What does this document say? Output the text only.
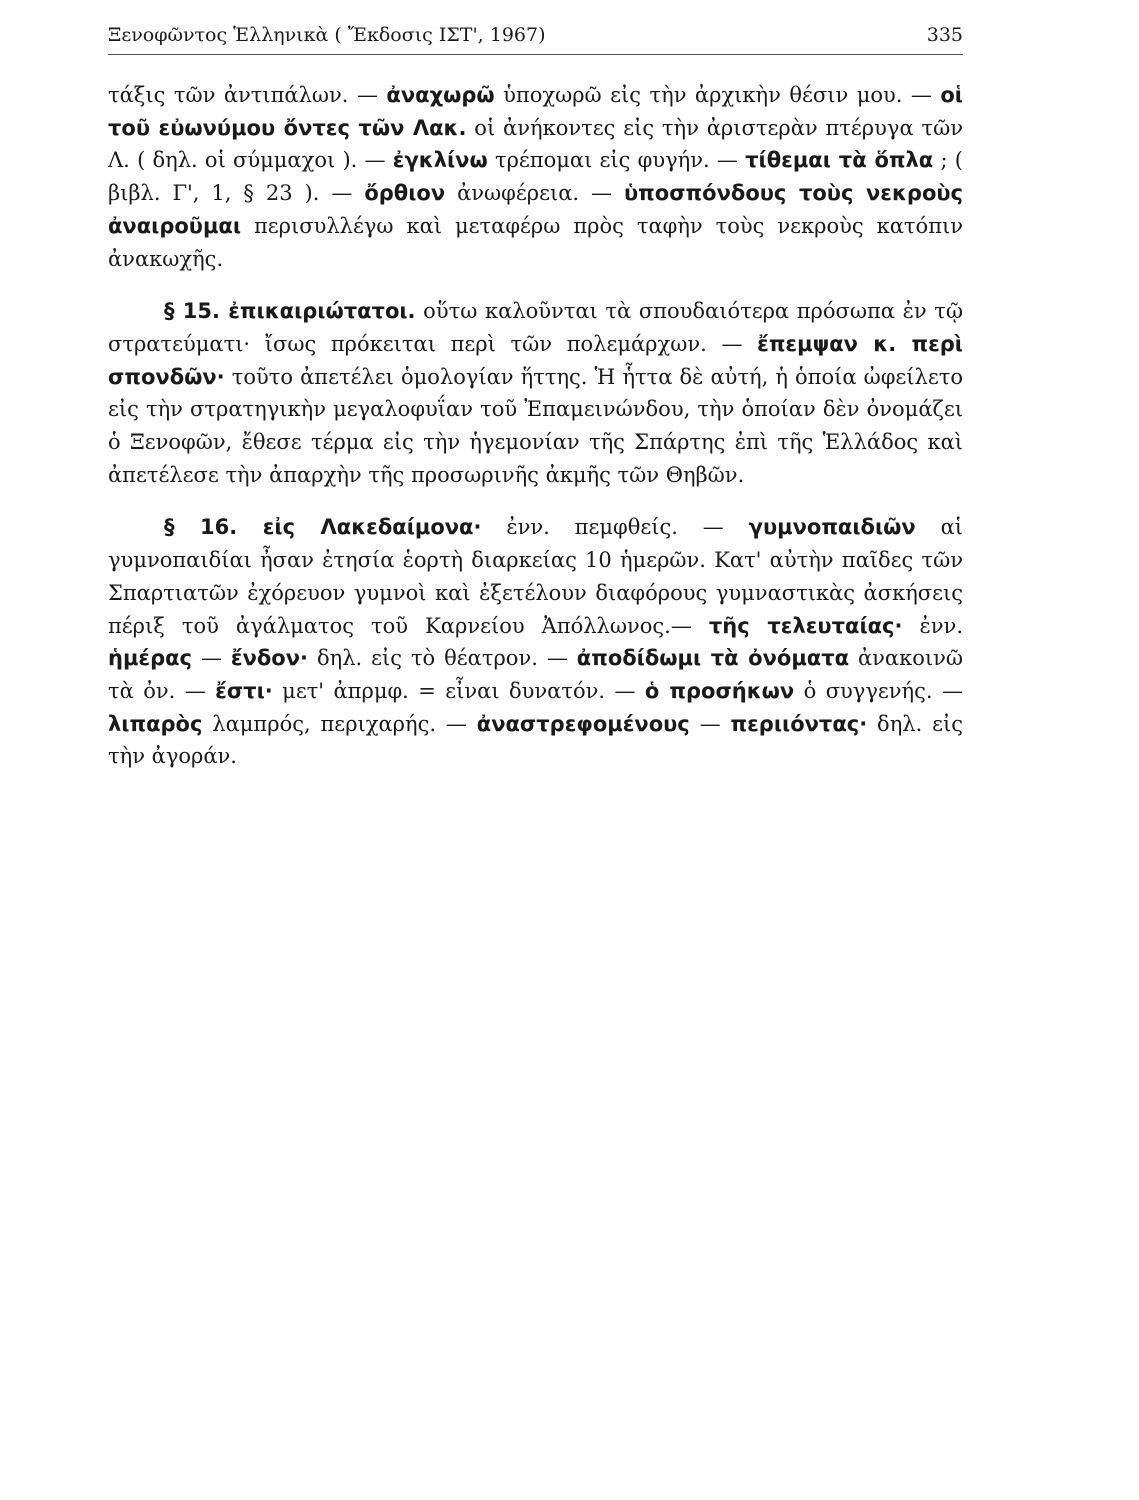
Ξενοφῶντος Ἑλληνικὰ ( Ἔκδοσις ΙΣΤ', 1967)	335

τάξις τῶν ἀντιπάλων. — ἀναχωρῶ ὑποχωρῶ εἰς τὴν ἀρχικὴν θέσιν μου. — οἱ τοῦ εὐωνύμου ὄντες τῶν Λακ. οἱ ἀνήκοντες εἰς τὴν ἀριστερὰν πτέρυγα τῶν Λ. ( δηλ. οἱ σύμμαχοι ). — ἐγκλίνω τρέπομαι εἰς φυγήν. — τίθεμαι τὰ ὅπλα ; ( βιβλ. Γ', 1, § 23 ). — ὄρθιον ἀνωφέρεια. — ὑποσπόνδους τοὺς νεκροὺς ἀναιροῦμαι περισυλλέγω καὶ μεταφέρω πρὸς ταφὴν τοὺς νεκροὺς κατόπιν ἀνακωχῆς.

§ 15. ἐπικαιριώτατοι. οὕτω καλοῦνται τὰ σπουδαιότερα πρόσωπα ἐν τῷ στρατεύματι· ἴσως πρόκειται περὶ τῶν πολεμάρχων. — ἔπεμψαν κ. περὶ σπονδῶν· τοῦτο ἀπετέλει ὁμολογίαν ἥττης. Ἡ ἧττα δὲ αὐτή, ἡ ὁποία ὠφείλετο εἰς τὴν στρατηγικὴν μεγαλοφυΐαν τοῦ Ἐπαμεινώνδου, τὴν ὁποίαν δὲν ὀνομάζει ὁ Ξενοφῶν, ἔθεσε τέρμα εἰς τὴν ἡγεμονίαν τῆς Σπάρτης ἐπὶ τῆς Ἑλλάδος καὶ ἀπετέλεσε τὴν ἀπαρχὴν τῆς προσωρινῆς ἀκμῆς τῶν Θηβῶν.

§ 16. εἰς Λακεδαίμονα· ἐνν. πεμφθείς. — γυμνοπαιδιῶν αἱ γυμνοπαιδίαι ἦσαν ἐτησία ἑορτὴ διαρκείας 10 ἡμερῶν. Κατ' αὐτὴν παῖδες τῶν Σπαρτιατῶν ἐχόρευον γυμνοὶ καὶ ἐξετέλουν διαφόρους γυμναστικὰς ἀσκήσεις πέριξ τοῦ ἀγάλματος τοῦ Καρνείου Ἀπόλλωνος.— τῆς τελευταίας· ἐνν. ἡμέρας — ἔνδον· δηλ. εἰς τὸ θέατρον. — ἀποδίδωμι τὰ ὀνόματα ἀνακοινῶ τὰ ὀν. — ἔστι· μετ' ἀπρμφ. = εἶναι δυνατόν. — ὁ προσήκων ὁ συγγενής. — λιπαρὸς λαμπρός, περιχαρής. — ἀναστρεφομένους — περιιόντας· δηλ. εἰς τὴν ἀγοράν.
